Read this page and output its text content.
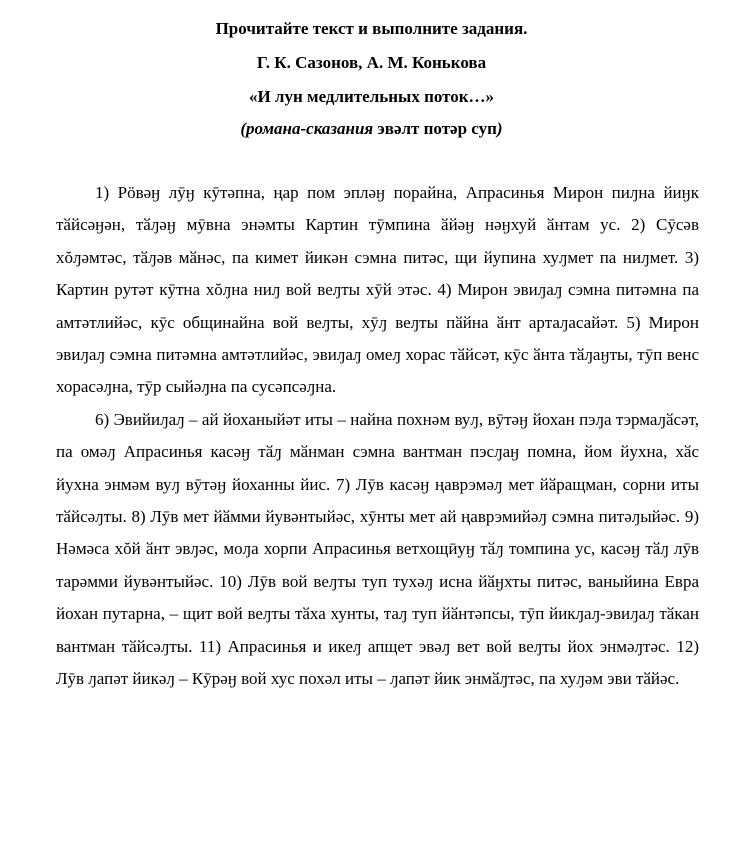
Прочитайте текст и выполните задания.
Г. К. Сазонов, А. М. Конькова
«И лун медлительных поток…»
(романа-сказания эвәлт потәр суп)

1) Рӧвәӈ лӯӈ кӯтәпна, ңар пом эпләӈ порайна, Апрасинья Мирон пиԓна йиӈк тӑйсәӈән, тӑԓәӈ мӯвна энәмты Картин тӯмпина ӑйәӈ нәӈхуй ӑнтам ус. 2) Сӯсәв хŏԓәмтәс, тӑԓәв мӑнәс, па кимет йикән сэмна питәс, щи йупина хуԓмет па ниԓмет. 3) Картин рутәт кӯтна хŏԓна ниԓ вой веԓты хӯй этәс. 4) Мирон эвиԓаԓ сэмна питәмна па амтәтлийәс, кӯс общинайна вой веԓты, хӯԓ веԓты пӑйна ӑнт артаԓасайәт. 5) Мирон эвиԓаԓ сэмна питәмна амтәтлийәс, эвиԓаԓ омеԓ хорас тӑйсәт, кӯс ӑнта тӑԓаӈты, тӯп венс хорасәԓна, тӯр сыйәԓна па сусәпсәԓна.

6) Эвийиԓаԓ – ай йоханыйәт иты – найна похнәм вуԓ, вӯтәӈ йохан пэԓа тэрмаԓӑсәт, па омәԓ Апрасинья касәӈ тӑԓ мӑнман сэмна вантман пэсԓаӈ помна, йом йухна, хӑс йухна энмәм вуԓ вӯтәӈ йоханны йис. 7) Лӯв касәӈ ңаврэмәԓ мет йӑращман, сорни иты тӑйсәԓты. 8) Лӯв мет йӑмми йувәнтыйәс, хӯнты мет ай ңаврэмийәԓ сэмна питәԓыйәс. 9) Нәмәса хŏй ӑнт эвԓәс, моԓа хорпи Апрасинья ветхощӣуӈ тӑԓ томпина ус, касәӈ тӑԓ лӯв тарәмми йувәнтыйәс. 10) Лӯв вой веԓты туп тухәԓ исна йӑӈхты питәс, ваныйина Евра йохан путарна, – щит вой веԓты тӑха хунты, таԓ туп йӑнтәпсы, тӯп йикԓаԓ-эвиԓаԓ тӑкан вантман тӑйсәԓты. 11) Апрасинья и икеԓ апщет эвәԓ вет вой веԓты йох энмәԓтәс. 12) Лӯв ԓапәт йикәԓ – Кӯрәӈ вой хус похәл иты – ԓапәт йик энмӑԓтәс, па хуԓәм эви тӑйәс.
